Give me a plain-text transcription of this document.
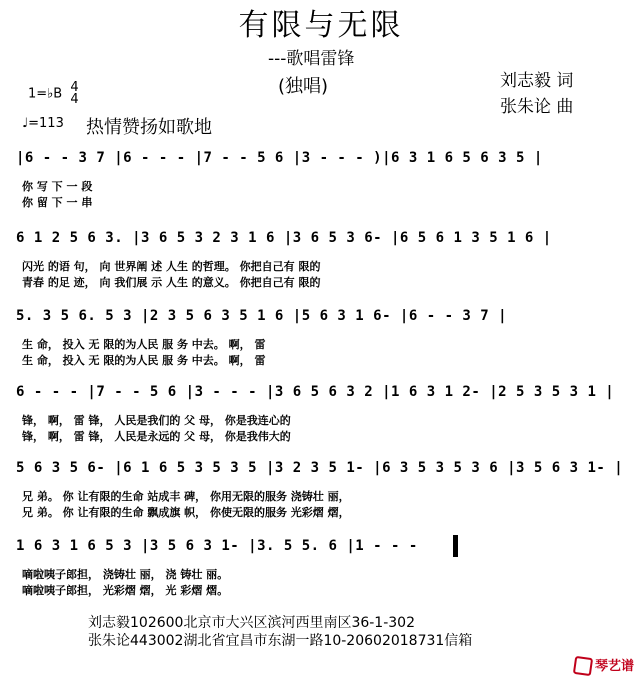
有限与无限
---歌唱雷锋
(独唱)	刘志毅 词
张朱论 曲
1=♭B 4
4
♩=113 热情赞扬如歌地
|6 - - 3 7 |6 - - - |7 - - 5 6 |3 - - - )|6 3 1 6 5 6 3 5 |
你 写 下 一 段
你 留 下 一 串
6 1 2 5 6 3. |3 6 5 3 2 3 1 6 |3 6 5 3 6- |6 5 6 1 3 5 1 6 |
闪光 的语 句， 向 世界阐 述 人生 的哲理。 你把自己有 限的
青春 的足 迹， 向 我们展 示 人生 的意义。 你把自己有 限的
5. 3 5 6. 5 3 |2 3 5 6 3 5 1 6 |5 6 3 1 6- |6 - - 3 7 |
生 命， 投入 无 限的为人民 服 务 中去。 啊， 雷
生 命， 投入 无 限的为人民 服 务 中去。 啊， 雷
6 - - - |7 - - 5 6 |3 - - - |3 6 5 6 3 2 |1 6 3 1 2- |2 5 3 5 3 1 |
锋， 啊， 雷 锋， 人民是我们的 父 母， 你是我连心的
锋， 啊， 雷 锋， 人民是永远的 父 母， 你是我伟大的
5 6 3 5 6- |6 1 6 5 3 5 3 5 |3 2 3 5 1- |6 3 5 3 5 3 6 |3 5 6 3 1- |
兄 弟。 你 让有限的生命 站成丰 碑， 你用无限的服务 浇铸壮 丽，
兄 弟。 你 让有限的生命 飘成旗 帜， 你使无限的服务 光彩熠 熠，
1 6 3 1 6 5 3 |3 5 6 3 1- |3. 5 5. 6 |1 - - -
嘀啦咦子郎担， 浇铸壮 丽， 浇 铸壮 丽。
嘀啦咦子郎担， 光彩熠 熠， 光 彩熠 熠。
刘志毅102600北京市大兴区滨河西里南区36-1-302
张朱论443002湖北省宜昌市东湖一路10-20602018731信箱
琴艺谱
